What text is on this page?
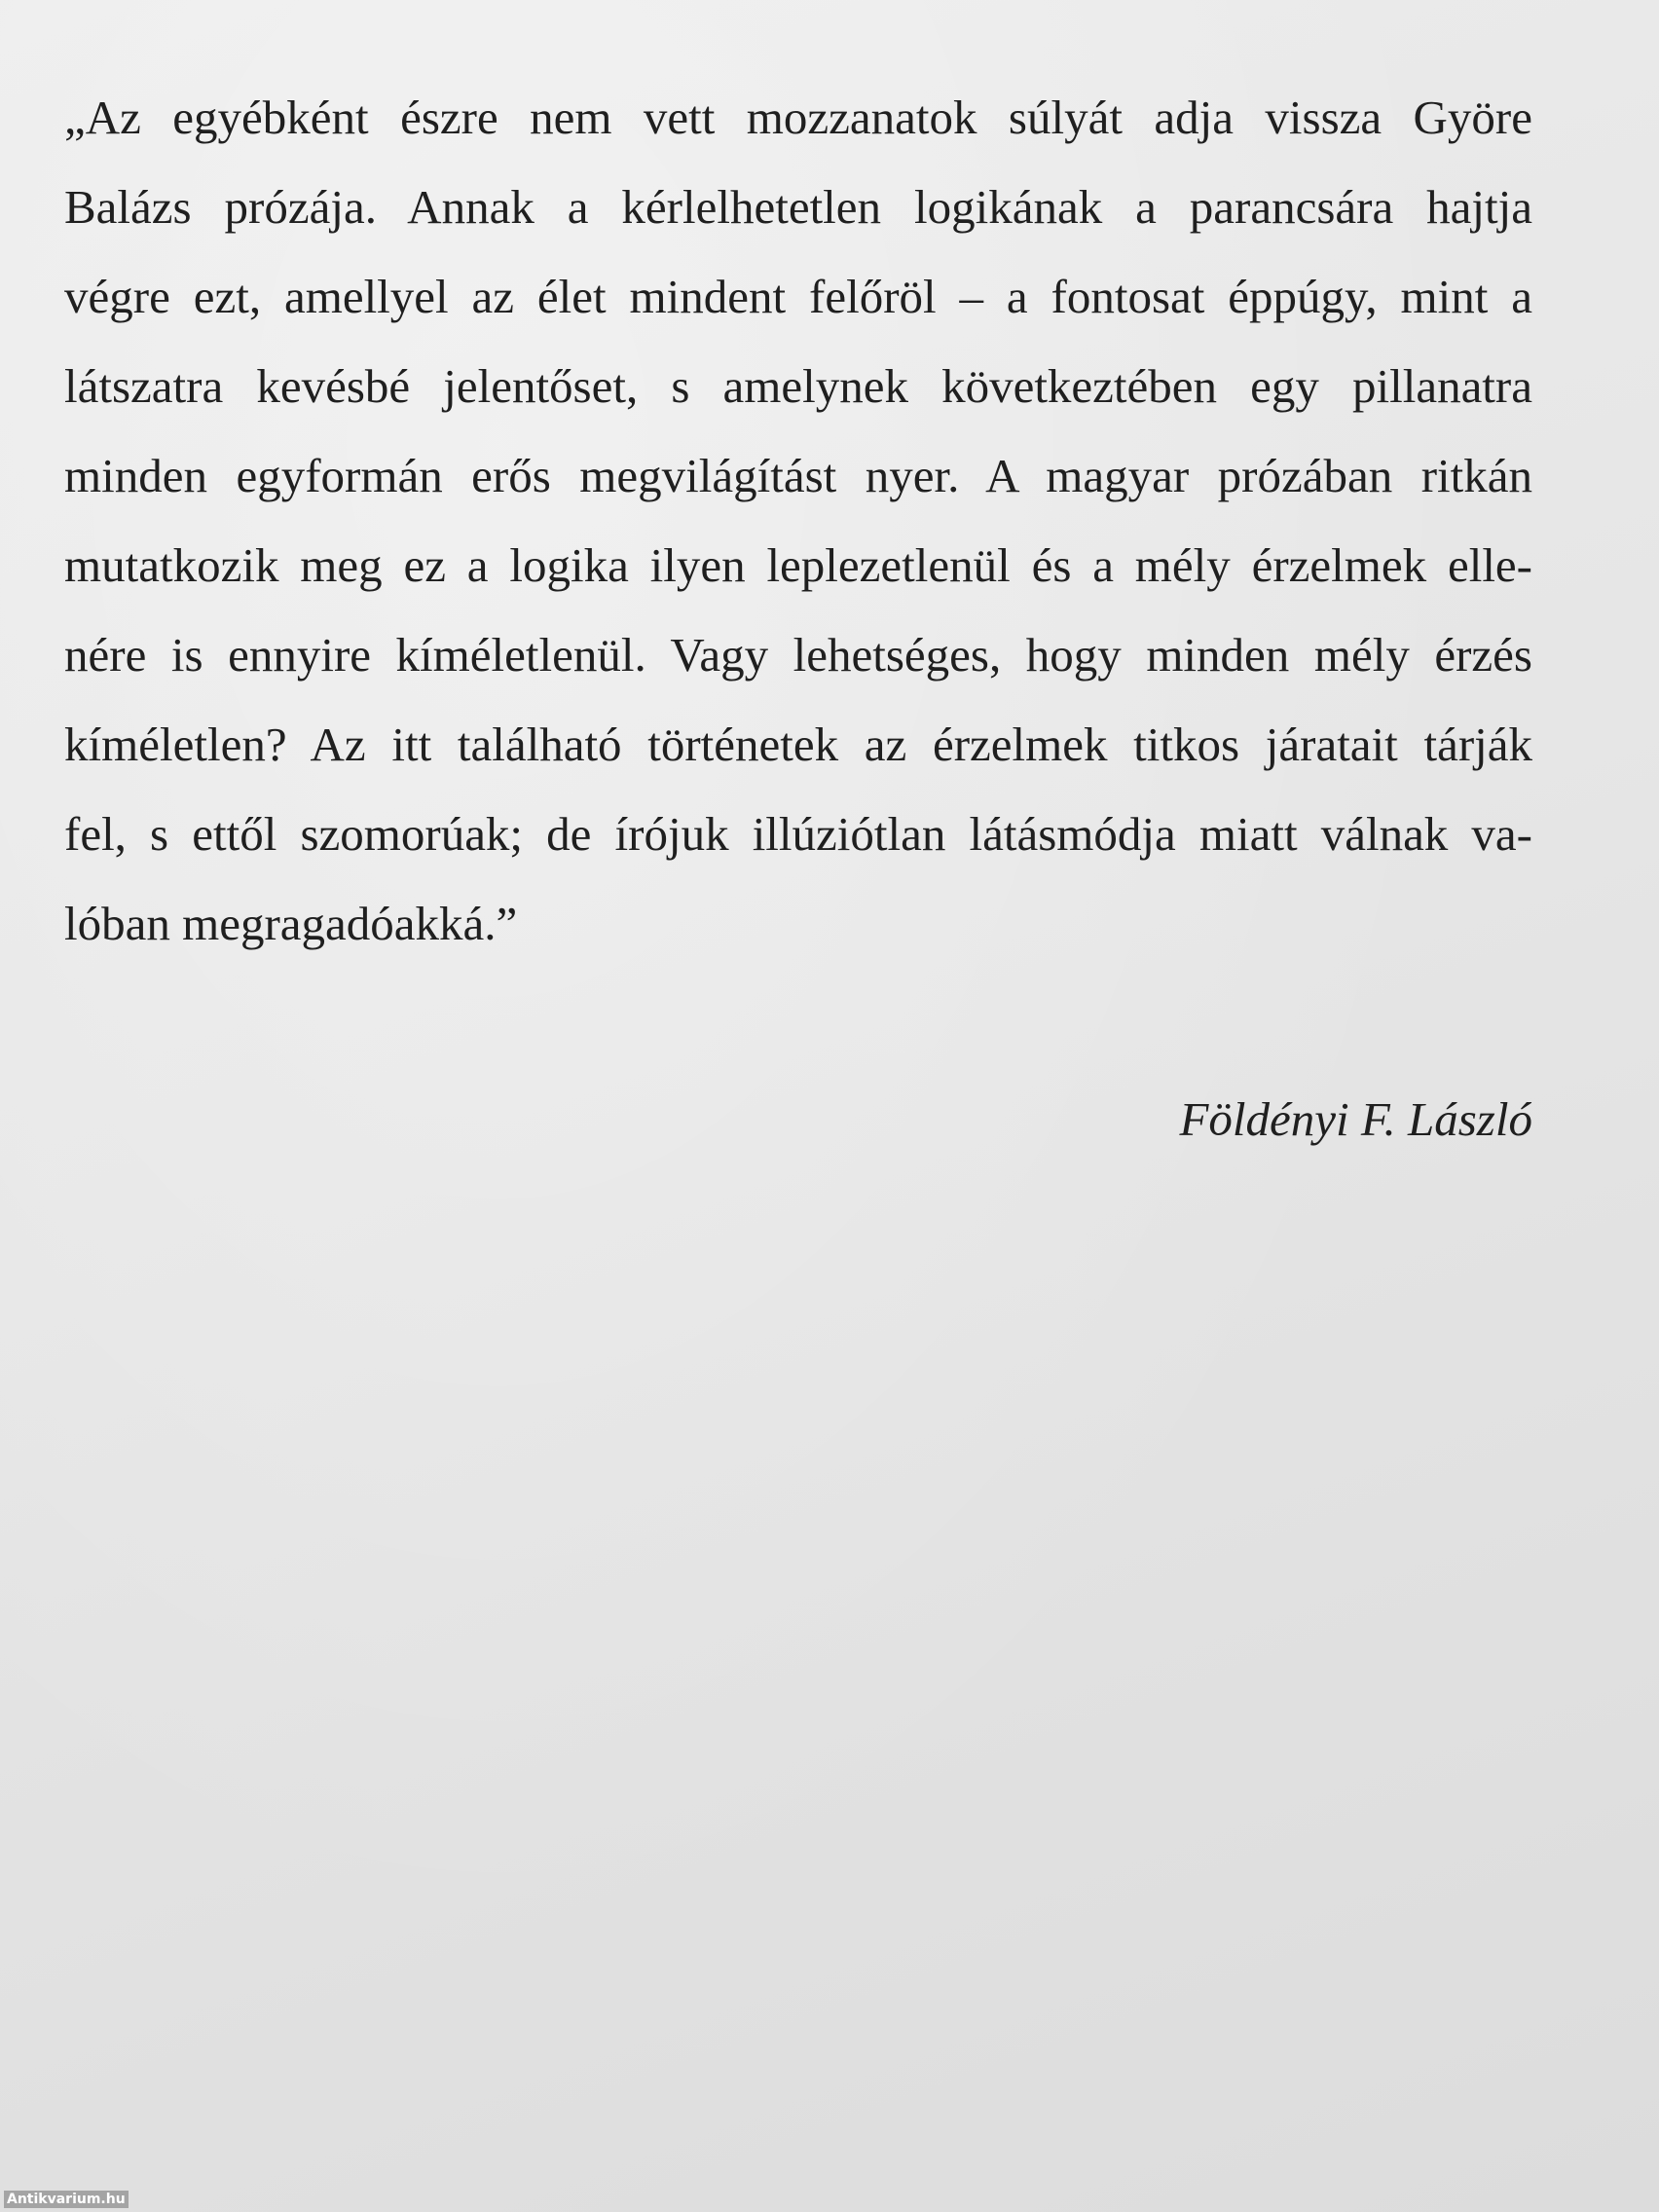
„Az egyébként észre nem vett mozzanatok súlyát adja vissza Györe
Balázs prózája. Annak a kérlelhetetlen logikának a parancsára hajtja
végre ezt, amellyel az élet mindent felőröl – a fontosat éppúgy, mint a
látszatra kevésbé jelentőset, s amelynek következtében egy pillanatra
minden egyformán erős megvilágítást nyer. A magyar prózában ritkán
mutatkozik meg ez a logika ilyen leplezetlenül és a mély érzelmek elle-
nére is ennyire kíméletlenül. Vagy lehetséges, hogy minden mély érzés
kíméletlen? Az itt található történetek az érzelmek titkos járatait tárják
fel, s ettől szomorúak; de írójuk illúziótlan látásmódja miatt válnak va-
lóban megragadóakká.”

Földényi F. László

Antikvarium.hu
